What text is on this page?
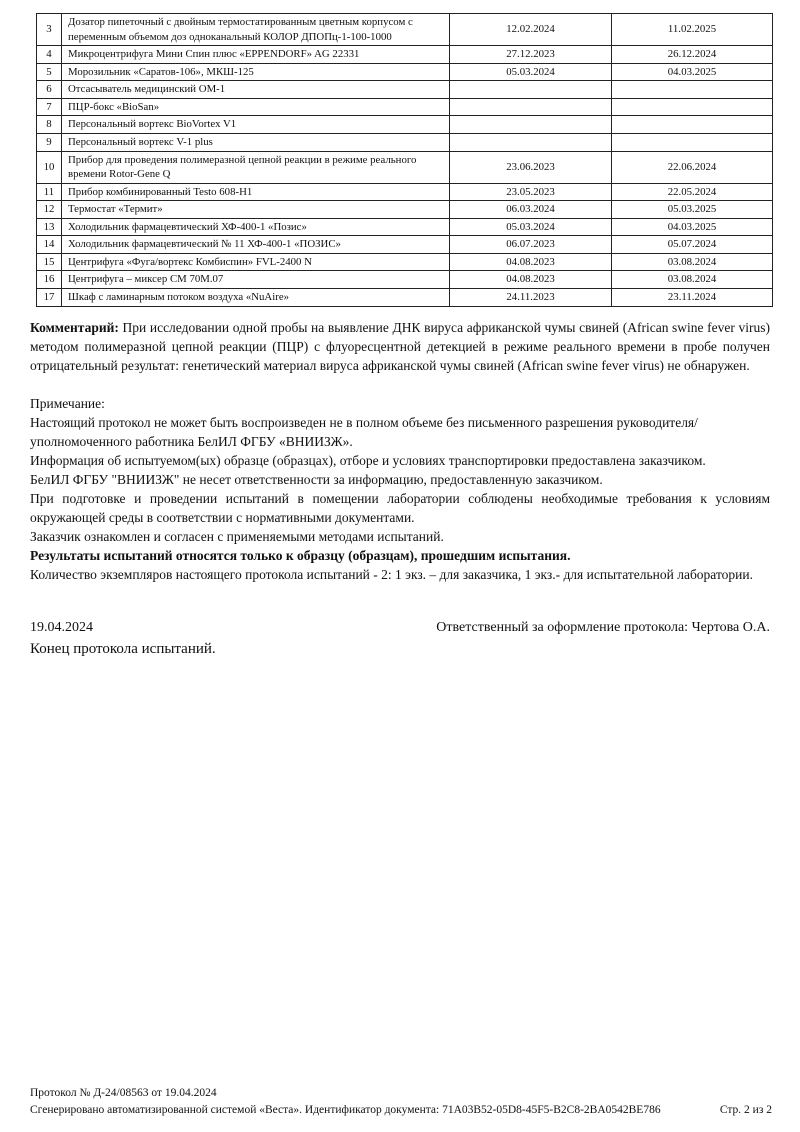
3	Дозатор пипеточный с двойным термостатированным цветным корпусом с переменным объемом доз одноканальный КОЛОР ДПОПц-1-100-1000	12.02.2024	11.02.2025
4	Микроцентрифуга Мини Спин плюс «EPPENDORF» AG 22331	27.12.2023	26.12.2024
5	Морозильник «Саратов-106», МКШ-125	05.03.2024	04.03.2025
6	Отсасыватель медицинский ОМ-1		
7	ПЦР-бокс «BioSan»		
8	Персональный вортекс BioVortex V1		
9	Персональный вортекс V-1 plus		
10	Прибор для проведения полимеразной цепной реакции в режиме реального времени Rotor-Gene Q	23.06.2023	22.06.2024
11	Прибор комбинированный Testo 608-H1	23.05.2023	22.05.2024
12	Термостат «Термит»	06.03.2024	05.03.2025
13	Холодильник фармацевтический ХФ-400-1 «Позис»	05.03.2024	04.03.2025
14	Холодильник фармацевтический № 11 ХФ-400-1 «ПОЗИС»	06.07.2023	05.07.2024
15	Центрифуга «Фуга/вортекс Комбиспин» FVL-2400 N	04.08.2023	03.08.2024
16	Центрифуга – миксер СМ 70М.07	04.08.2023	03.08.2024
17	Шкаф с ламинарным потоком воздуха «NuAire»	24.11.2023	23.11.2024

Комментарий: При исследовании одной пробы на выявление ДНК вируса африканской чумы свиней (African swine fever virus) методом полимеразной цепной реакции (ПЦР) с флуоресцентной детекцией в режиме реального времени в пробе получен отрицательный результат: генетический материал вируса африканской чумы свиней (African swine fever virus) не обнаружен.

Примечание:

Настоящий протокол не может быть воспроизведен не в полном объеме без письменного разрешения руководителя/уполномоченного работника БелИЛ ФГБУ «ВНИИЗЖ».

Информация об испытуемом(ых) образце (образцах), отборе и условиях транспортировки предоставлена заказчиком.

БелИЛ ФГБУ "ВНИИЗЖ" не несет ответственности за информацию, предоставленную заказчиком.

При подготовке и проведении испытаний в помещении лаборатории соблюдены необходимые требования к условиям окружающей среды в соответствии с нормативными документами.

Заказчик ознакомлен и согласен с применяемыми методами испытаний.

Результаты испытаний относятся только к образцу (образцам), прошедшим испытания.

Количество экземпляров настоящего протокола испытаний - 2: 1 экз. – для заказчика, 1 экз.- для испытательной лаборатории.

19.04.2024	Ответственный за оформление протокола: Чертова О.А.
Конец протокола испытаний.
Протокол № Д-24/08563 от 19.04.2024
Сгенерировано автоматизированной системой «Веста». Идентификатор документа: 71A03B52-05D8-45F5-B2C8-2BA0542BE786	Стр. 2 из 2
